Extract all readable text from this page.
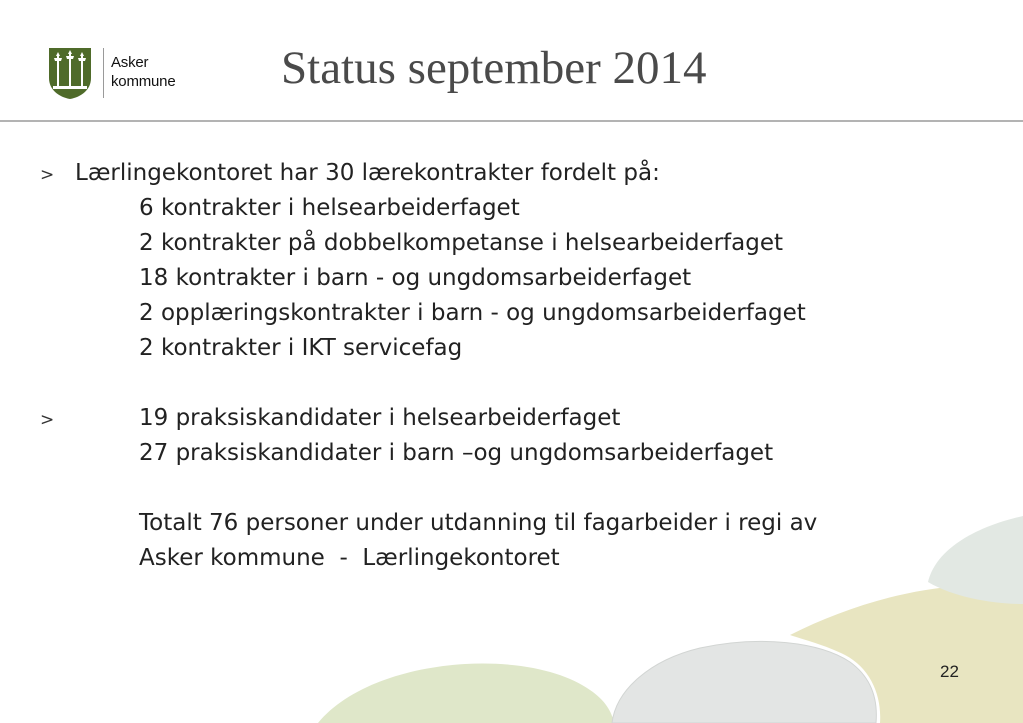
Asker
kommune Status september 2014
> Lærlingekontoret har 30 lærekontrakter fordelt på:
6 kontrakter i helsearbeiderfaget
2 kontrakter på dobbelkompetanse i helsearbeiderfaget
18 kontrakter i barn - og ungdomsarbeiderfaget
2 opplæringskontrakter i barn - og ungdomsarbeiderfaget
2 kontrakter i IKT servicefag
>	19 praksiskandidater i helsearbeiderfaget
27 praksiskandidater i barn –og ungdomsarbeiderfaget
Totalt 76 personer under utdanning til fagarbeider i regi av
Asker kommune  -  Lærlingekontoret
22
